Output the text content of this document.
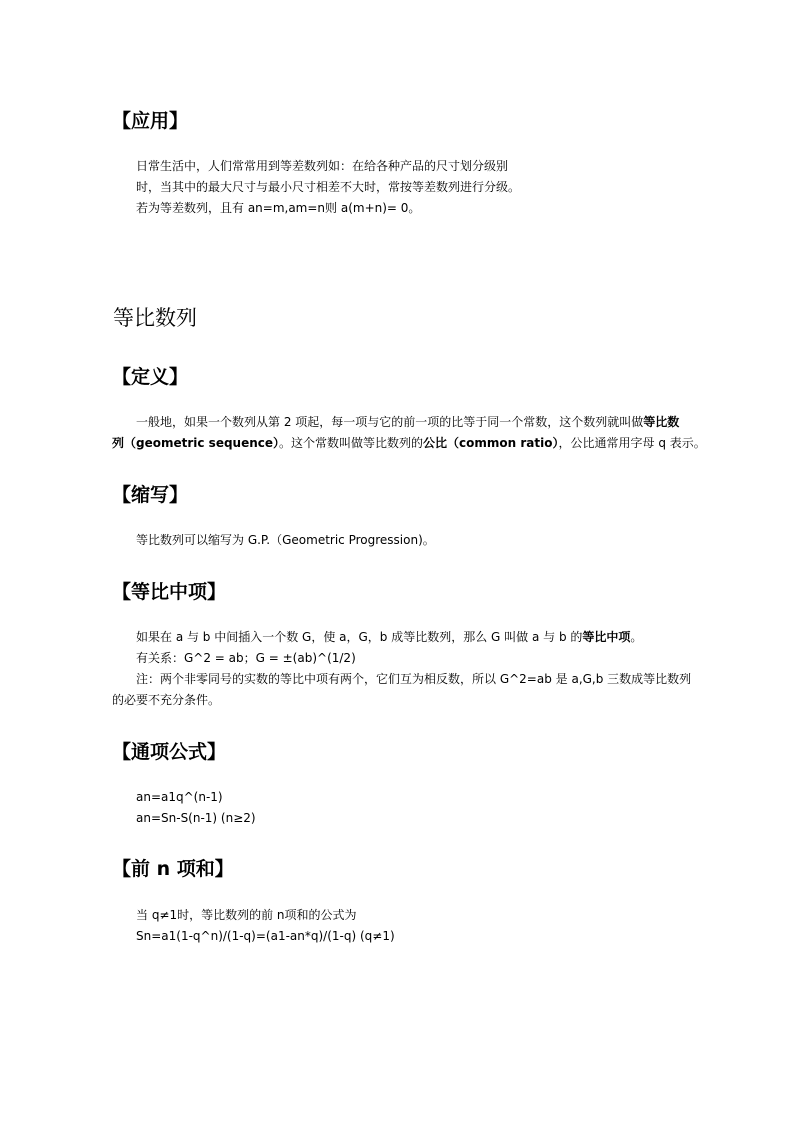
【应用】
日常生活中，人们常常用到等差数列如：在给各种产品的尺寸划分级别
时，当其中的最大尺寸与最小尺寸相差不大时，常按等差数列进行分级。
若为等差数列，且有 an=m,am=n则 a(m+n)= 0。
等比数列
【定义】
一般地，如果一个数列从第 2 项起，每一项与它的前一项的比等于同一个常数，这个数列就叫做等比数
列（geometric sequence）。这个常数叫做等比数列的公比（common ratio），公比通常用字母 q 表示。
【缩写】
等比数列可以缩写为 G.P.（Geometric Progression)。
【等比中项】
如果在 a 与 b 中间插入一个数 G，使 a，G，b 成等比数列，那么 G 叫做 a 与 b 的等比中项。
有关系：G^2 = ab；G = ±(ab)^(1/2)
注：两个非零同号的实数的等比中项有两个，它们互为相反数，所以 G^2=ab 是 a,G,b 三数成等比数列
的必要不充分条件。
【通项公式】
an=a1q^(n-1)
an=Sn-S(n-1) (n≥2)
【前 n 项和】
当 q≠1时，等比数列的前 n项和的公式为
Sn=a1(1-q^n)/(1-q)=(a1-an*q)/(1-q) (q≠1)
